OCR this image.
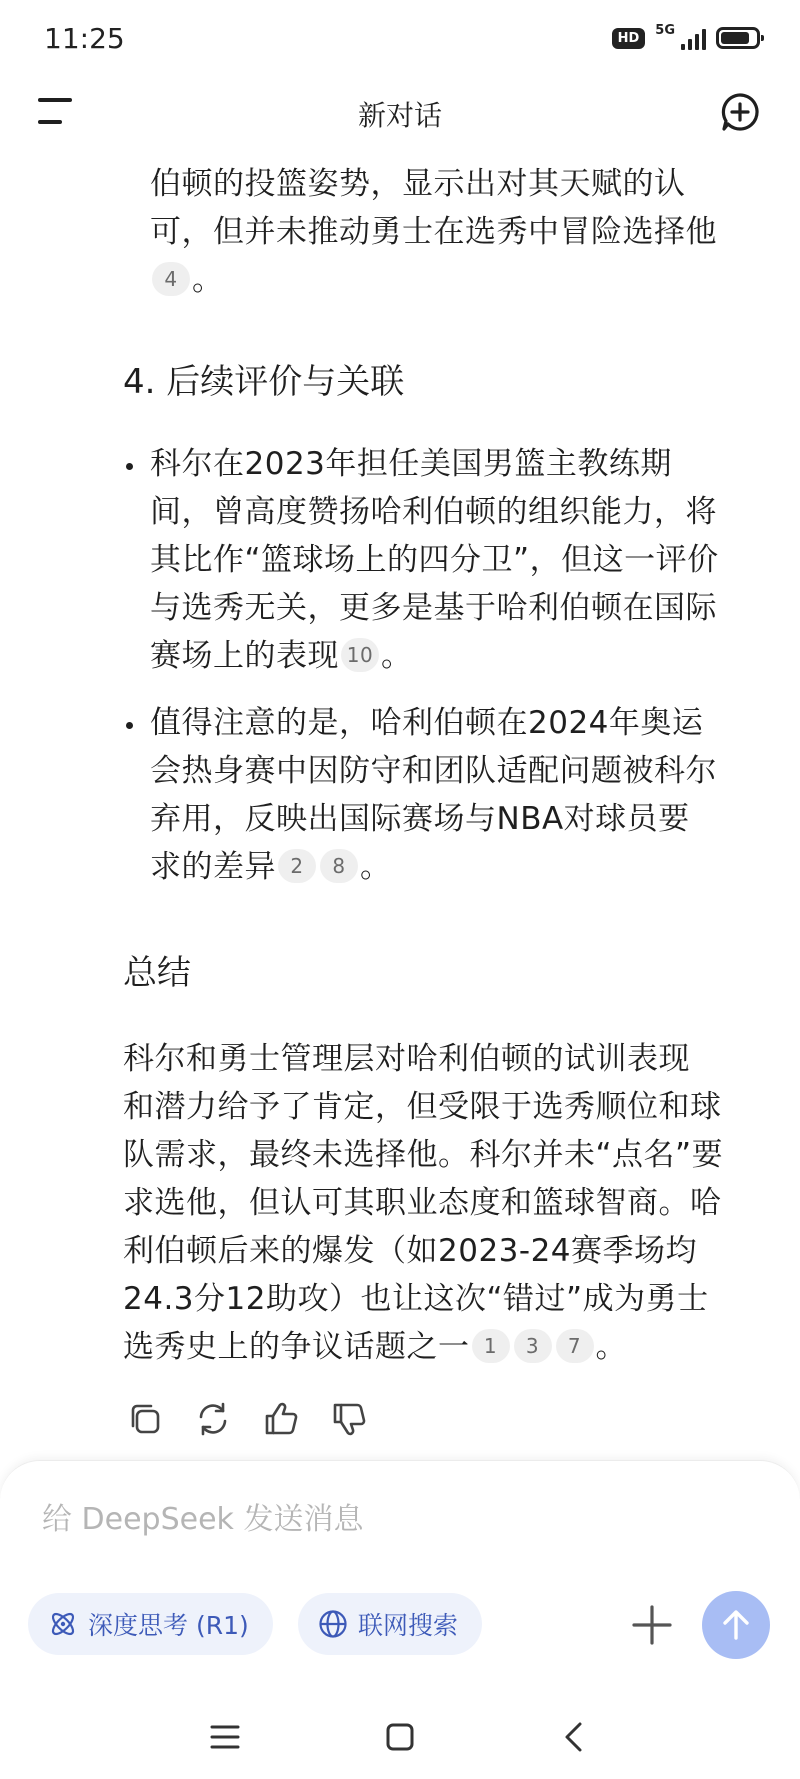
11:25	HD
5G
新对话
伯顿的投篮姿势，显示出对其天赋的认
可，但并未推动勇士在选秀中冒险选择他
4 。
4. 后续评价与关联
科尔在2023年担任美国男篮主教练期
间，曾高度赞扬哈利伯顿的组织能力，将
其比作“篮球场上的四分卫”，但这一评价
与选秀无关，更多是基于哈利伯顿在国际
赛场上的表现 10 。
值得注意的是，哈利伯顿在2024年奥运
会热身赛中因防守和团队适配问题被科尔
弃用，反映出国际赛场与NBA对球员要
求的差异 2 8 。
总结
科尔和勇士管理层对哈利伯顿的试训表现
和潜力给予了肯定，但受限于选秀顺位和球
队需求，最终未选择他。科尔并未“点名”要
求选他，但认可其职业态度和篮球智商。哈
利伯顿后来的爆发（如2023-24赛季场均
24.3分12助攻）也让这次“错过”成为勇士
选秀史上的争议话题之一 1 3 7 。
给 DeepSeek 发送消息
深度思考 (R1)	联网搜索
